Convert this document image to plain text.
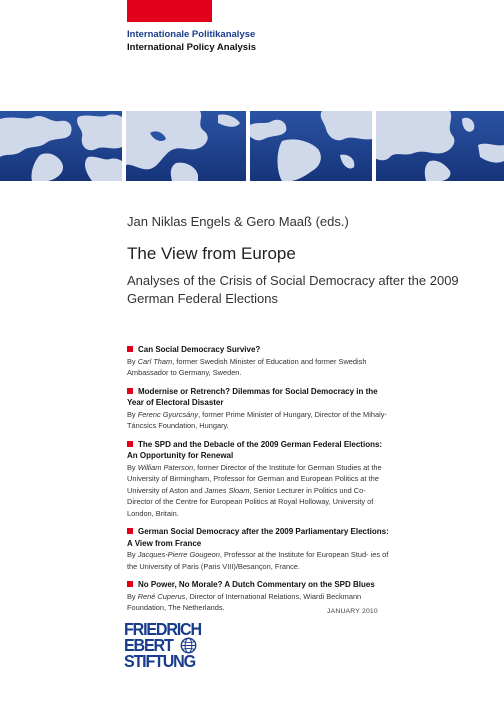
Internationale Politikanalyse
International Policy Analysis
Jan Niklas Engels & Gero Maaß (eds.)
The View from Europe
Analyses of the Crisis of Social Democracy after the 2009 German Federal Elections
Can Social Democracy Survive?
By Carl Tham, former Swedish Minister of Education and former Swedish Ambassador to Germany, Sweden.
Modernise or Retrench? Dilemmas for Social Democracy in the Year of Electoral Disaster
By Ferenc Gyurcsány, former Prime Minister of Hungary, Director of the Mihaly-Táncsics Foundation, Hungary.
The SPD and the Debacle of the 2009 German Federal Elections: An Opportunity for Renewal
By William Paterson, former Director of the Institute for German Studies at the University of Birmingham, Professor for German and European Politics at the University of Aston and James Sloam, Senior Lecturer in Politics und Co-Director of the Centre for European Politics at Royal Holloway, University of London, Britain.
German Social Democracy after the 2009 Parliamentary Elections: A View from France
By Jacques-Pierre Gougeon, Professor at the Institute for European Stud- ies of the University of Paris (Paris VIII)/Besançon, France.
No Power, No Morale? A Dutch Commentary on the SPD Blues
By René Cuperus, Director of International Relations, Wiardi Beckmann Foundation, The Netherlands.	JANUARY 2010
FRIEDRICH
EBERT
STIFTUNG
